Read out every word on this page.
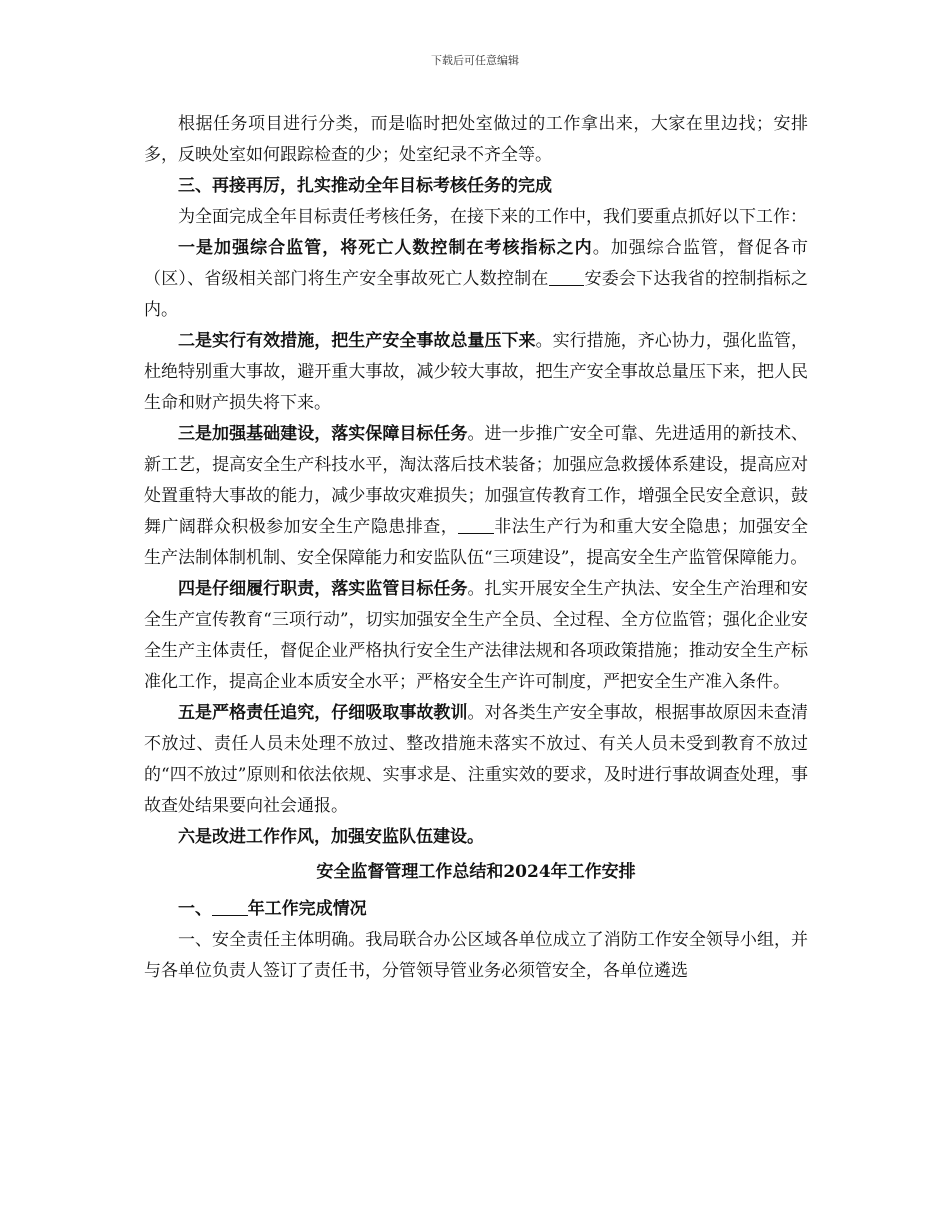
下载后可任意编辑

根据任务项目进行分类，而是临时把处室做过的工作拿出来，大家在里边找；安排多，反映处室如何跟踪检查的少；处室纪录不齐全等。

三、再接再厉，扎实推动全年目标考核任务的完成

为全面完成全年目标责任考核任务，在接下来的工作中，我们要重点抓好以下工作：

一是加强综合监管，将死亡人数控制在考核指标之内。加强综合监管，督促各市（区）、省级相关部门将生产安全事故死亡人数控制在 安委会下达我省的控制指标之内。

二是实行有效措施，把生产安全事故总量压下来。实行措施，齐心协力，强化监管，杜绝特别重大事故，避开重大事故，减少较大事故，把生产安全事故总量压下来，把人民生命和财产损失将下来。

三是加强基础建设，落实保障目标任务。进一步推广安全可靠、先进适用的新技术、新工艺，提高安全生产科技水平，淘汰落后技术装备；加强应急救援体系建设，提高应对处置重特大事故的能力，减少事故灾难损失；加强宣传教育工作，增强全民安全意识，鼓舞广阔群众积极参加安全生产隐患排查， 非法生产行为和重大安全隐患；加强安全生产法制体制机制、安全保障能力和安监队伍“三项建设”，提高安全生产监管保障能力。

四是仔细履行职责，落实监管目标任务。扎实开展安全生产执法、安全生产治理和安全生产宣传教育“三项行动”，切实加强安全生产全员、全过程、全方位监管；强化企业安全生产主体责任，督促企业严格执行安全生产法律法规和各项政策措施；推动安全生产标准化工作，提高企业本质安全水平；严格安全生产许可制度，严把安全生产准入条件。

五是严格责任追究，仔细吸取事故教训。对各类生产安全事故，根据事故原因未查清不放过、责任人员未处理不放过、整改措施未落实不放过、有关人员未受到教育不放过的“四不放过”原则和依法依规、实事求是、注重实效的要求，及时进行事故调查处理，事故查处结果要向社会通报。

六是改进工作作风，加强安监队伍建设。

安全监督管理工作总结和2024年工作安排

一、 年工作完成情况

一、安全责任主体明确。我局联合办公区域各单位成立了消防工作安全领导小组，并与各单位负责人签订了责任书，分管领导管业务必须管安全，各单位遴选
